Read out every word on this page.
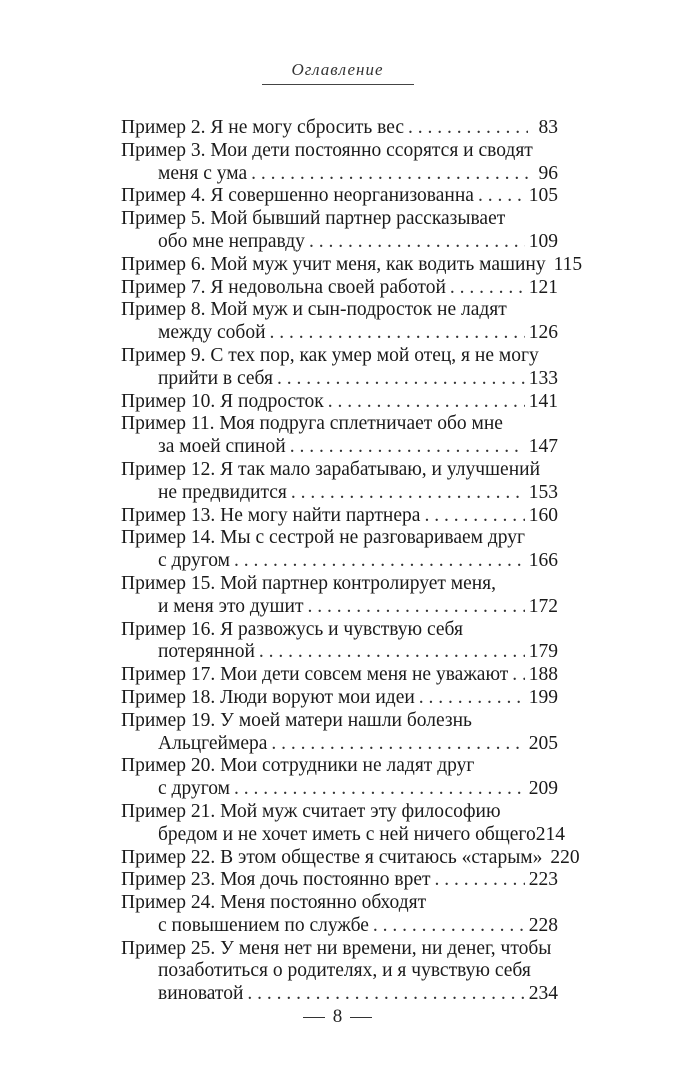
Оглавление
Пример 2. Я не могу сбросить вес . . .	83
Пример 3. Мои дети постоянно ссорятся и сводят
меня с ума . . .	96
Пример 4. Я совершенно неорганизованна . . .	105
Пример 5. Мой бывший партнер рассказывает
обо мне неправду . . .	109
Пример 6. Мой муж учит меня, как водить машину 115
Пример 7. Я недовольна своей работой . . .	121
Пример 8. Мой муж и сын-подросток не ладят
между собой . . .	126
Пример 9. С тех пор, как умер мой отец, я не могу
прийти в себя . . .	133
Пример 10. Я подросток . . .	141
Пример 11. Моя подруга сплетничает обо мне
за моей спиной . . .	147
Пример 12. Я так мало зарабатываю, и улучшений
не предвидится . . .	153
Пример 13. Не могу найти партнера . . .	160
Пример 14. Мы с сестрой не разговариваем друг
с другом . . .	166
Пример 15. Мой партнер контролирует меня,
и меня это душит . . .	172
Пример 16. Я развожусь и чувствую себя
потерянной . . .	179
Пример 17. Мои дети совсем меня не уважают . . . 188
Пример 18. Люди воруют мои идеи . . .	199
Пример 19. У моей матери нашли болезнь
Альцгеймера . . .	205
Пример 20. Мои сотрудники не ладят друг
с другом . . .	209
Пример 21. Мой муж считает эту философию
бредом и не хочет иметь с ней ничего общего 214
Пример 22. В этом обществе я считаюсь «старым» 220
Пример 23. Моя дочь постоянно врет . . .	223
Пример 24. Меня постоянно обходят
с повышением по службе . . .	228
Пример 25. У меня нет ни времени, ни денег, чтобы
позаботиться о родителях, и я чувствую себя
виноватой . . .	234
8
